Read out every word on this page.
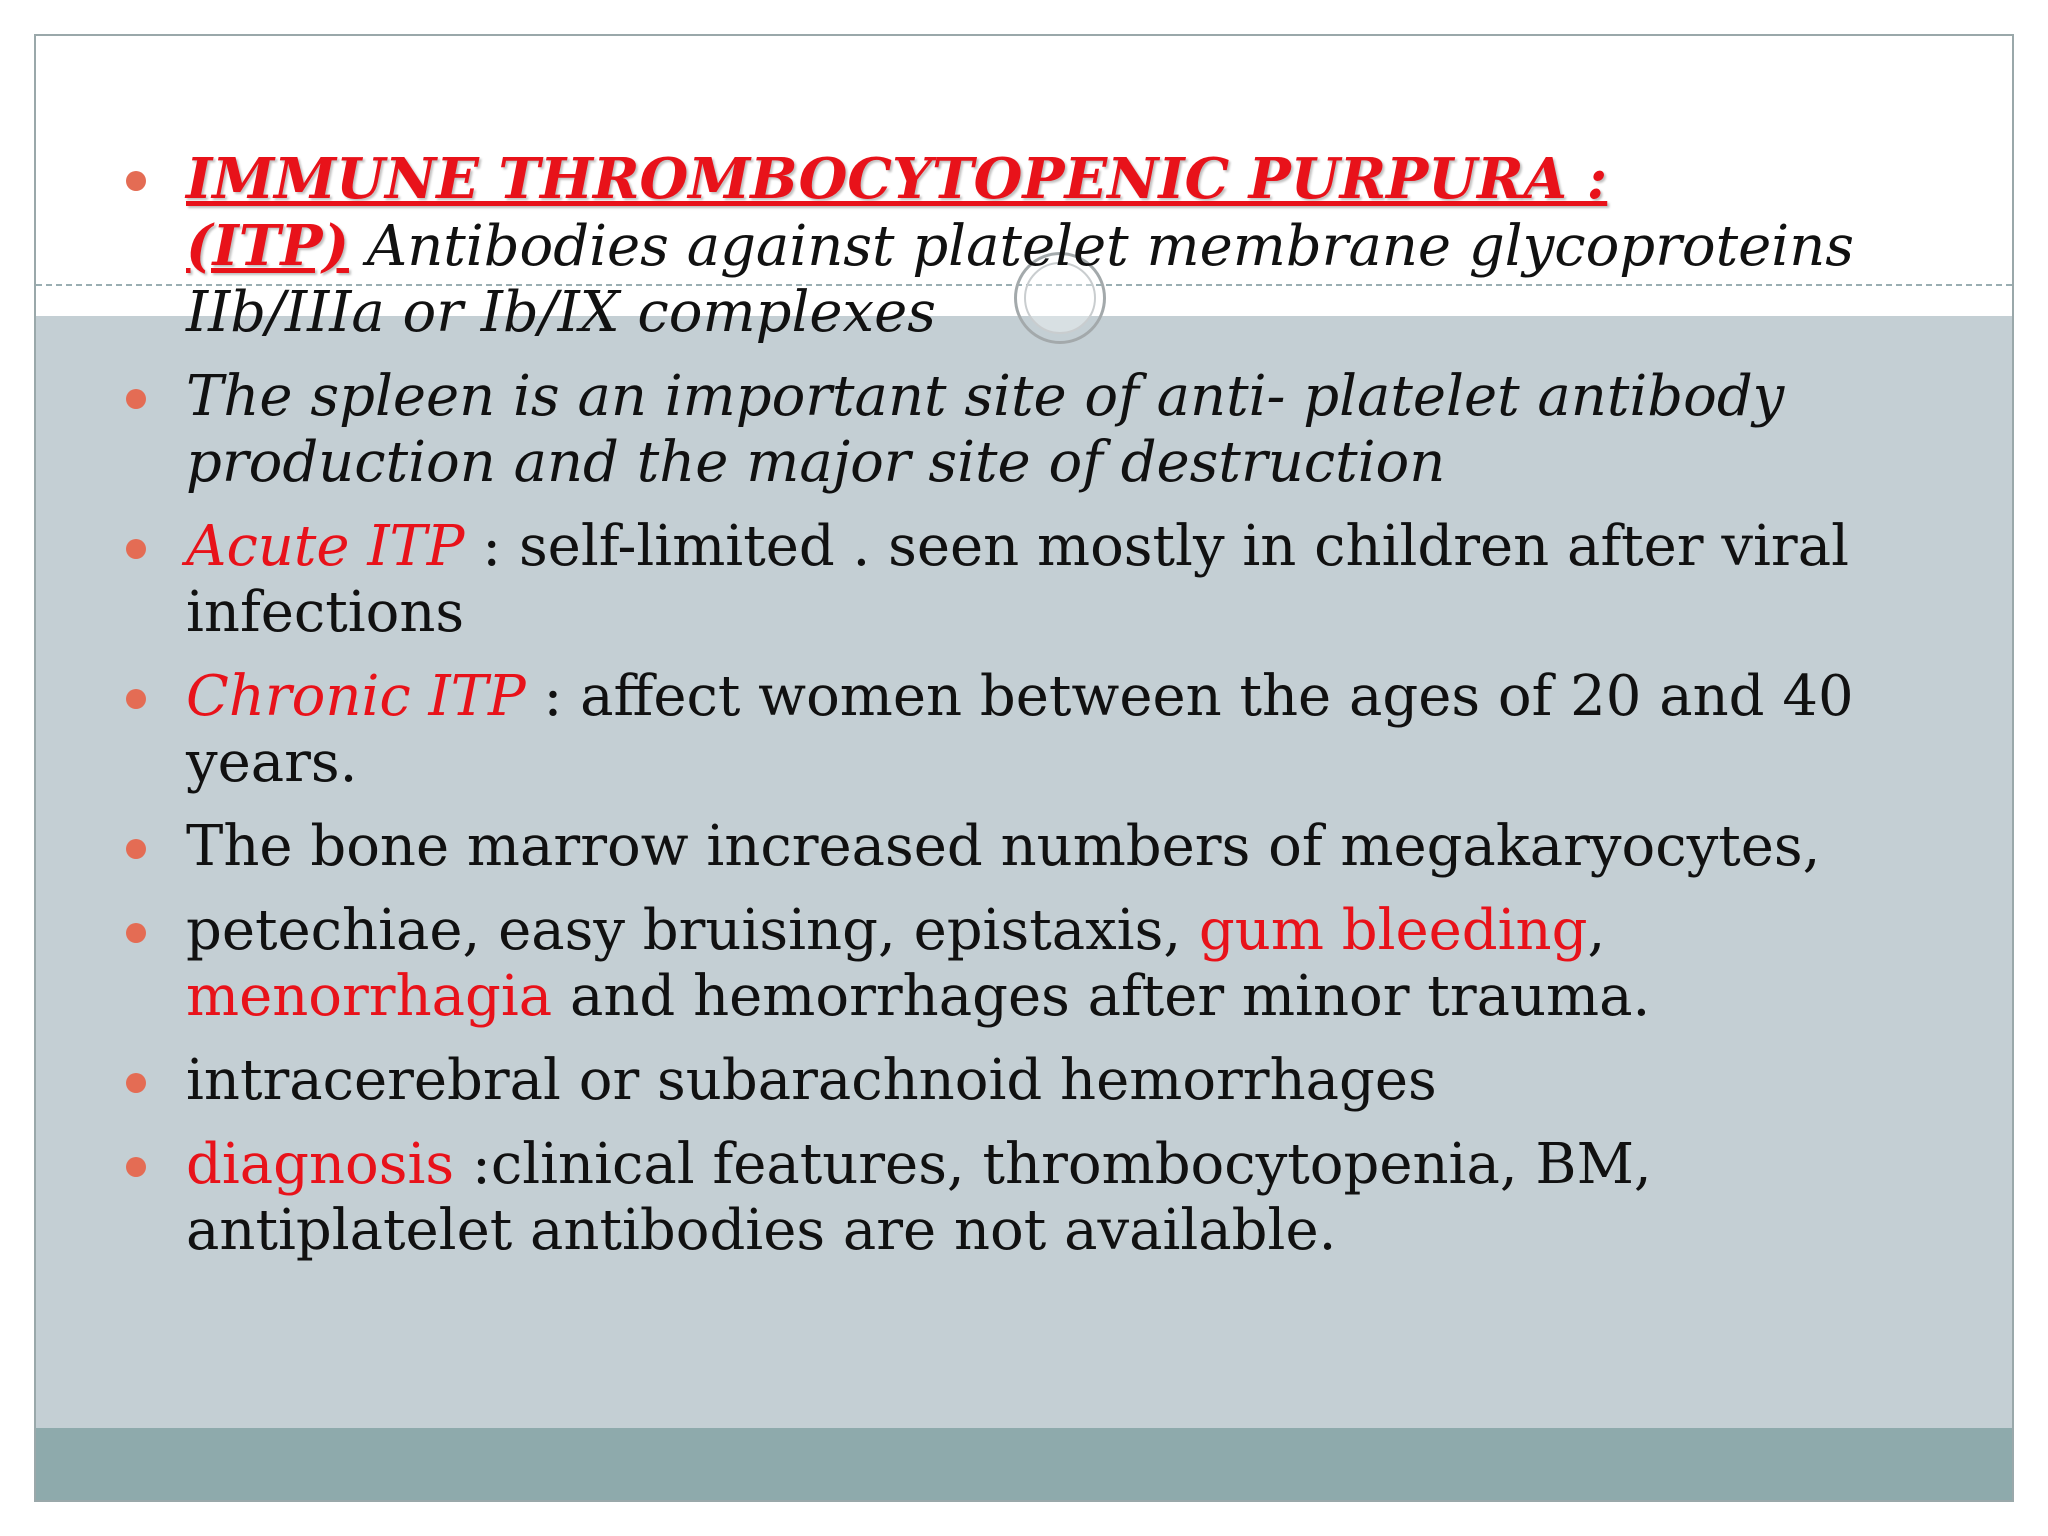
IMMUNE THROMBOCYTOPENIC PURPURA :
(ITP) Antibodies against platelet membrane glycoproteins IIb/IIIa or Ib/IX complexes
The spleen is an important site of anti- platelet antibody production and the major site of destruction
Acute ITP : self-limited . seen mostly in children after viral infections
Chronic ITP : affect women between the ages of 20 and 40 years.
The bone marrow increased numbers of megakaryocytes,
petechiae, easy bruising, epistaxis, gum bleeding, menorrhagia and hemorrhages after minor trauma.
intracerebral or subarachnoid hemorrhages
diagnosis :clinical features, thrombocytopenia, BM, antiplatelet antibodies are not available.
